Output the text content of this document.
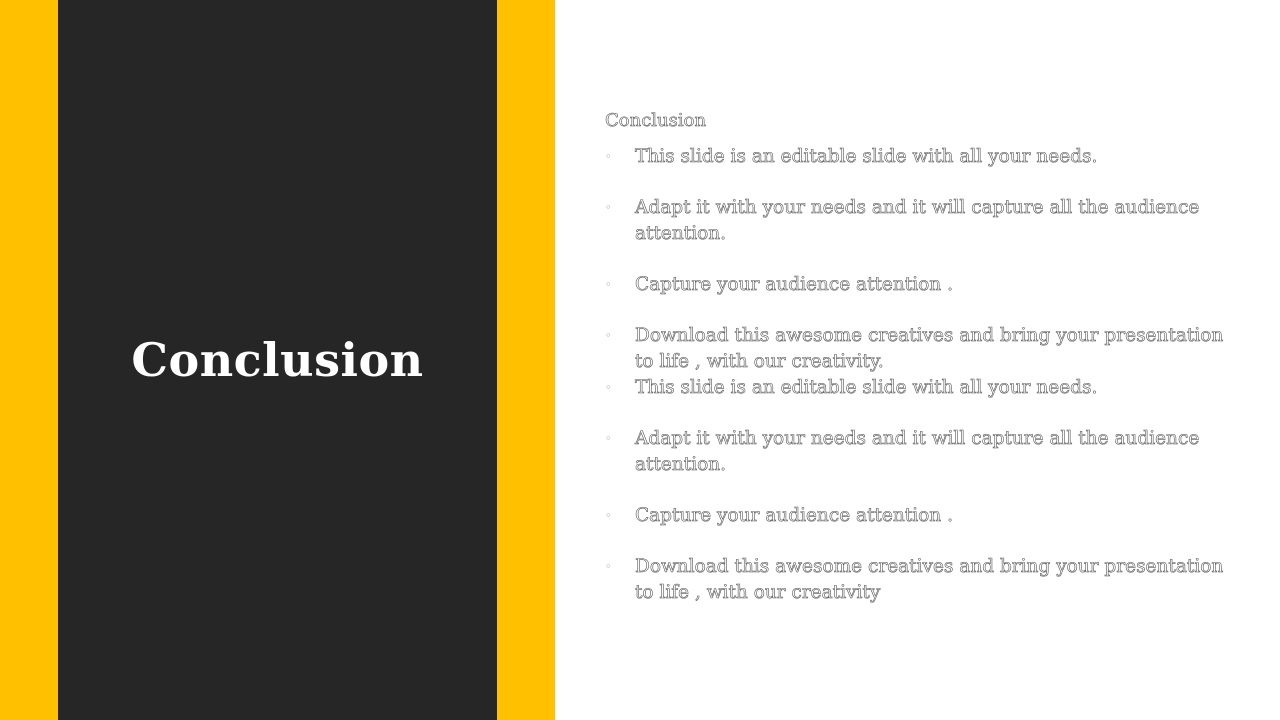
Conclusion
Conclusion
◦ This slide is an editable slide with all your needs.
◦ Adapt it with your needs and it will capture all the audience attention.
◦ Capture your audience attention .
◦ Download this awesome creatives and bring your presentation to life , with our creativity.
◦ This slide is an editable slide with all your needs.
◦ Adapt it with your needs and it will capture all the audience attention.
◦ Capture your audience attention .
◦ Download this awesome creatives and bring your presentation to life , with our creativity
